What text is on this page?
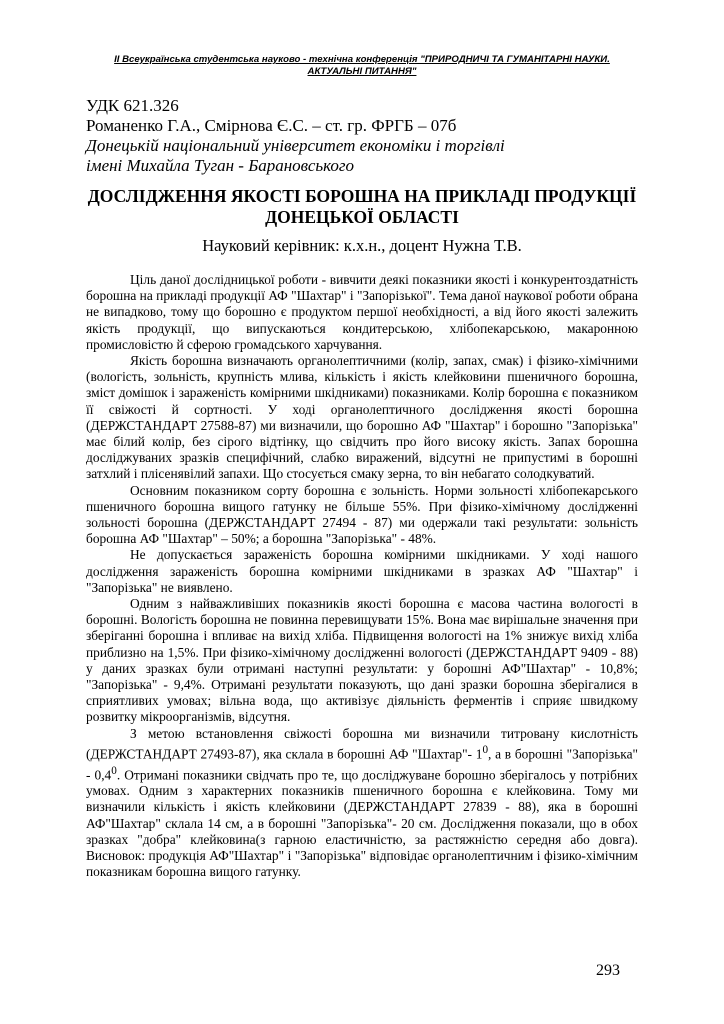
ІІ Всеукраїнська студентська науково - технічна конференція "ПРИРОДНИЧІ ТА ГУМАНІТАРНІ НАУКИ.
АКТУАЛЬНІ ПИТАННЯ"
УДК 621.326
Романенко Г.А., Смірнова Є.С. – ст. гр. ФРГБ – 07б
Донецькій національний університет економіки і торгівлі
імені Михайла Туган - Барановського
ДОСЛІДЖЕННЯ ЯКОСТІ БОРОШНА НА ПРИКЛАДІ ПРОДУКЦІЇ
ДОНЕЦЬКОЇ ОБЛАСТІ
Науковий керівник: к.х.н., доцент Нужна Т.В.

Ціль даної дослідницької роботи - вивчити деякі показники якості і конкурентоздатність борошна на прикладі продукції АФ "Шахтар" і "Запорізької". Тема даної наукової роботи обрана не випадково, тому що борошно є продуктом першої необхідності, а від його якості залежить якість продукції, що випускаються кондитерською, хлібопекарською, макаронною промисловістю й сферою громадського харчування.

Якість борошна визначають органолептичними (колір, запах, смак) і фізико-хімічними (вологість, зольність, крупність млива, кількість і якість клейковини пшеничного борошна, зміст домішок і зараженість комірними шкідниками) показниками. Колір борошна є показником її свіжості й сортності. У ході органолептичного дослідження якості борошна (ДЕРЖСТАНДАРТ 27588-87) ми визначили, що борошно АФ "Шахтар" і борошно "Запорізька" має білий колір, без сірого відтінку, що свідчить про його високу якість. Запах борошна досліджуваних зразків специфічний, слабко виражений, відсутні не припустимі в борошні затхлий і плісенявілий запахи. Що стосується смаку зерна, то він небагато солодкуватий.

Основним показником сорту борошна є зольність. Норми зольності хлібопекарського пшеничного борошна вищого гатунку не більше 55%. При фізико-хімічному дослідженні зольності борошна (ДЕРЖСТАНДАРТ 27494 - 87) ми одержали такі результати: зольність борошна АФ "Шахтар" – 50%; а борошна "Запорізька" - 48%.

Не допускається зараженість борошна комірними шкідниками. У ході нашого дослідження зараженість борошна комірними шкідниками в зразках АФ "Шахтар" і "Запорізька" не виявлено.

Одним з найважливіших показників якості борошна є масова частина вологості в борошні. Вологість борошна не повинна перевищувати 15%. Вона має вирішальне значення при зберіганні борошна і впливає на вихід хліба. Підвищення вологості на 1% знижує вихід хліба приблизно на 1,5%. При фізико-хімічному дослідженні вологості (ДЕРЖСТАНДАРТ 9409 - 88) у даних зразках були отримані наступні результати: у борошні АФ"Шахтар" - 10,8%; "Запорізька" - 9,4%. Отримані результати показують, що дані зразки борошна зберігалися в сприятливих умовах; вільна вода, що активізує діяльність ферментів і сприяє швидкому розвитку мікроорганізмів, відсутня.

З метою встановлення свіжості борошна ми визначили титровану кислотність (ДЕРЖСТАНДАРТ 27493-87), яка склала в борошні АФ "Шахтар"- $1^0$, а в борошні "Запорізька" - $0,4^0$. Отримані показники свідчать про те, що досліджуване борошно зберігалось у потрібних умовах. Одним з характерних показників пшеничного борошна є клейковина. Тому ми визначили кількість і якість клейковини (ДЕРЖСТАНДАРТ 27839 - 88), яка в борошні АФ"Шахтар" склала 14 см, а в борошні "Запорізька"- 20 см. Дослідження показали, що в обох зразках "добра" клейковина(з гарною еластичністю, за растяжністю середня або довга). Висновок: продукція АФ"Шахтар" і "Запорізька" відповідає органолептичним і фізико-хімічним показникам борошна вищого гатунку.

293
